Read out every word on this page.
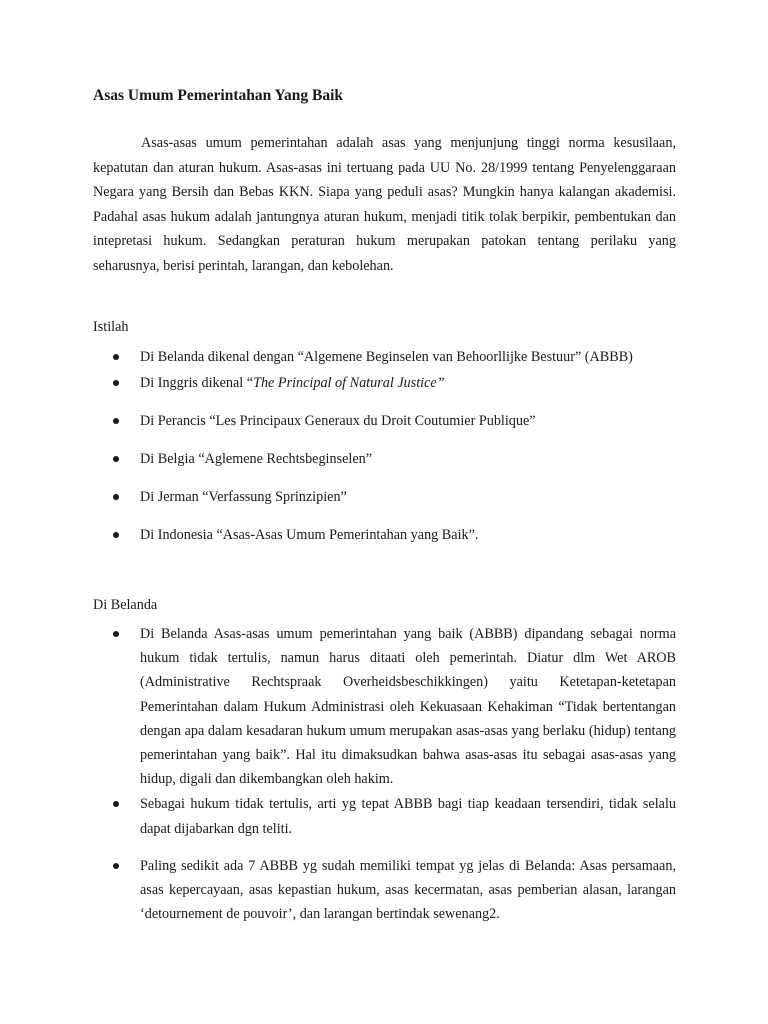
Asas Umum Pemerintahan Yang Baik

Asas-asas umum pemerintahan adalah asas yang menjunjung tinggi norma kesusilaan, kepatutan dan aturan hukum. Asas-asas ini tertuang pada UU No. 28/1999 tentang Penyelenggaraan Negara yang Bersih dan Bebas KKN. Siapa yang peduli asas? Mungkin hanya kalangan akademisi. Padahal asas hukum adalah jantungnya aturan hukum, menjadi titik tolak berpikir, pembentukan dan intepretasi hukum. Sedangkan peraturan hukum merupakan patokan tentang perilaku yang seharusnya, berisi perintah, larangan, dan kebolehan.

Istilah

Di Belanda dikenal dengan “Algemene Beginselen van Behoorllijke Bestuur” (ABBB)
Di Inggris dikenal “The Principal of Natural Justice”
Di Perancis “Les Principaux Generaux du Droit Coutumier Publique”
Di Belgia “Aglemene Rechtsbeginselen”
Di Jerman “Verfassung Sprinzipien”
Di Indonesia “Asas-Asas Umum Pemerintahan yang Baik”.

Di Belanda

Di Belanda Asas-asas umum pemerintahan yang baik (ABBB) dipandang sebagai norma hukum tidak tertulis, namun harus ditaati oleh pemerintah. Diatur dlm Wet AROB (Administrative Rechtspraak Overheidsbeschikkingen) yaitu Ketetapan-ketetapan Pemerintahan dalam Hukum Administrasi oleh Kekuasaan Kehakiman “Tidak bertentangan dengan apa dalam kesadaran hukum umum merupakan asas-asas yang berlaku (hidup) tentang pemerintahan yang baik”. Hal itu dimaksudkan bahwa asas-asas itu sebagai asas-asas yang hidup, digali dan dikembangkan oleh hakim.
Sebagai hukum tidak tertulis, arti yg tepat ABBB bagi tiap keadaan tersendiri, tidak selalu dapat dijabarkan dgn teliti.
Paling sedikit ada 7 ABBB yg sudah memiliki tempat yg jelas di Belanda: Asas persamaan, asas kepercayaan, asas kepastian hukum, asas kecermatan, asas pemberian alasan, larangan ‘detournement de pouvoir’, dan larangan bertindak sewenang2.
